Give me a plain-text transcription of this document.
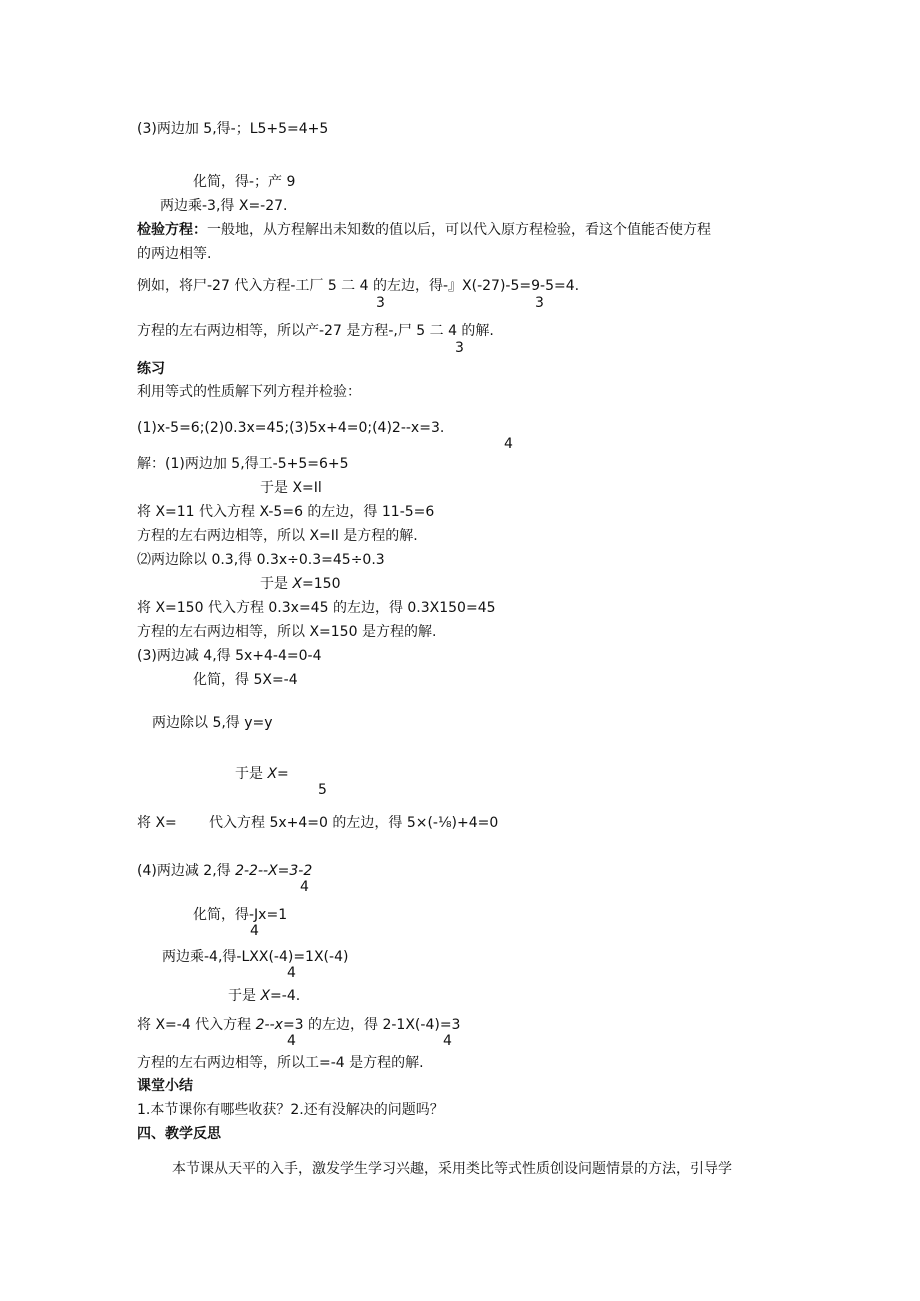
(3)两边加 5,得-；L5+5=4+5
化简，得-；产 9
两边乘-3,得 X=-27.
检验方程：一般地，从方程解出未知数的值以后，可以代入原方程检验，看这个值能否使方程
的两边相等.
例如，将尸-27 代入方程-工厂 5 二 4 的左边，得-』X(-27)-5=9-5=4.
3	3
方程的左右两边相等，所以产-27 是方程-,尸 5 二 4 的解.
3
练习
利用等式的性质解下列方程并检验：
(1)x-5=6;(2)0.3x=45;(3)5x+4=0;(4)2--x=3.
4
解：(1)两边加 5,得工-5+5=6+5
于是 X=Il
将 X=11 代入方程 X-5=6 的左边，得 11-5=6
方程的左右两边相等，所以 X=Il 是方程的解.
⑵两边除以 0.3,得 0.3x÷0.3=45÷0.3
于是 X=150
将 X=150 代入方程 0.3x=45 的左边，得 0.3X150=45
方程的左右两边相等，所以 X=150 是方程的解.
(3)两边减 4,得 5x+4-4=0-4
化简，得 5X=-4
两边除以 5,得 y=y
于是 X=
5
将 X= 代入方程 5x+4=0 的左边，得 5×(-⅛)+4=0
(4)两边减 2,得 2-2--X=3-2
4
化简，得-Jx=1
4
两边乘-4,得-LXX(-4)=1X(-4)
4
于是 X=-4.
将 X=-4 代入方程 2--x=3 的左边，得 2-1X(-4)=3
4	4
方程的左右两边相等，所以工=-4 是方程的解.
课堂小结
1.本节课你有哪些收获？2.还有没解决的问题吗？
四、教学反思
本节课从天平的入手，激发学生学习兴趣，采用类比等式性质创设问题情景的方法，引导学
